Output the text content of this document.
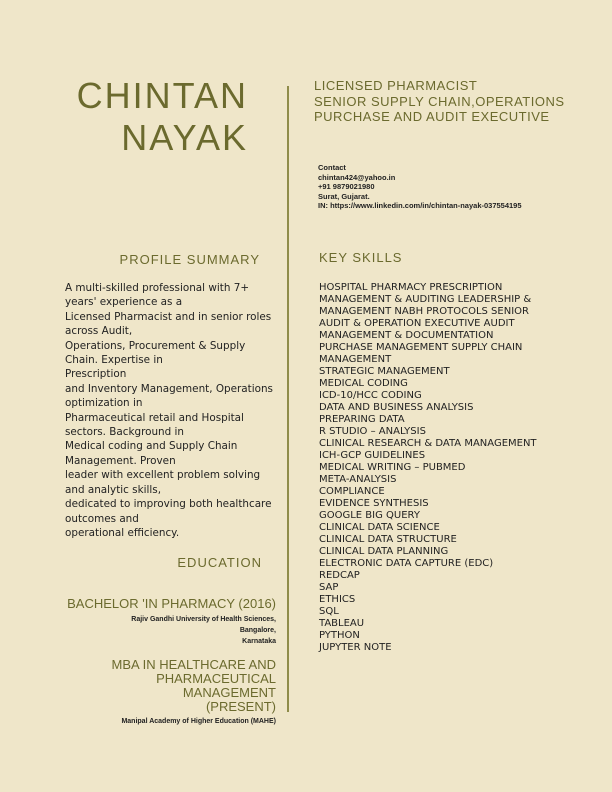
CHINTAN
NAYAK
LICENSED PHARMACIST
SENIOR SUPPLY CHAIN,OPERATIONS
PURCHASE AND AUDIT EXECUTIVE
Contact
chintan424@yahoo.in
+91 9879021980
Surat, Gujarat.
IN: https://www.linkedin.com/in/chintan-nayak-037554195
PROFILE SUMMARY
A multi-skilled professional with 7+ years' experience as a
Licensed Pharmacist and in senior roles across Audit,
Operations, Procurement & Supply Chain. Expertise in
Prescription
and Inventory Management, Operations optimization in
Pharmaceutical retail and Hospital sectors. Background in
Medical coding and Supply Chain Management. Proven
leader with excellent problem solving and analytic skills,
dedicated to improving both healthcare outcomes and
operational efficiency.
KEY SKILLS
HOSPITAL PHARMACY PRESCRIPTION
MANAGEMENT & AUDITING LEADERSHIP &
MANAGEMENT NABH PROTOCOLS SENIOR
AUDIT & OPERATION EXECUTIVE AUDIT
MANAGEMENT & DOCUMENTATION
PURCHASE MANAGEMENT SUPPLY CHAIN
MANAGEMENT
STRATEGIC MANAGEMENT
MEDICAL CODING
ICD-10/HCC CODING
DATA AND BUSINESS ANALYSIS
PREPARING DATA
R STUDIO – ANALYSIS
CLINICAL RESEARCH & DATA MANAGEMENT
ICH-GCP GUIDELINES
MEDICAL WRITING – PUBMED
META-ANALYSIS
COMPLIANCE
EVIDENCE SYNTHESIS
GOOGLE BIG QUERY
CLINICAL DATA SCIENCE
CLINICAL DATA STRUCTURE
CLINICAL DATA PLANNING
ELECTRONIC DATA CAPTURE (EDC)
REDCAP
SAP
ETHICS
SQL
TABLEAU
PYTHON
JUPYTER NOTE
EDUCATION
BACHELOR 'IN PHARMACY (2016)
Rajiv Gandhi University of Health Sciences,
Bangalore,
Karnataka
MBA IN HEALTHCARE AND
PHARMACEUTICAL
MANAGEMENT
(PRESENT)
Manipal Academy of Higher Education (MAHE)
